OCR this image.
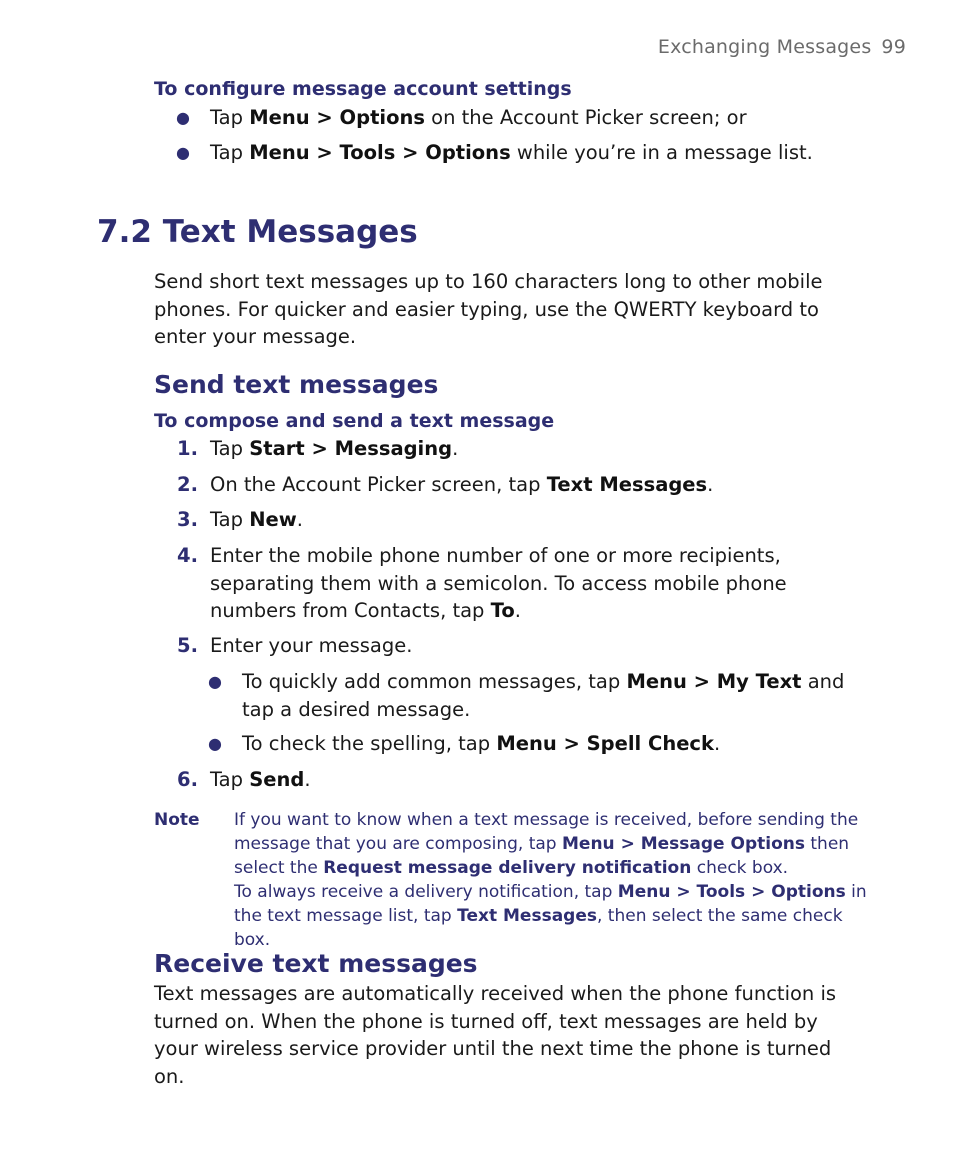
Exchanging Messages 99
To configure message account settings
● Tap Menu > Options on the Account Picker screen; or
● Tap Menu > Tools > Options while you’re in a message list.
7.2 Text Messages
Send short text messages up to 160 characters long to other mobile phones. For quicker and easier typing, use the QWERTY keyboard to enter your message.
Send text messages
To compose and send a text message
1. Tap Start > Messaging.
2. On the Account Picker screen, tap Text Messages.
3. Tap New.
4. Enter the mobile phone number of one or more recipients, separating them with a semicolon. To access mobile phone numbers from Contacts, tap To.
5. Enter your message.
● To quickly add common messages, tap Menu > My Text and tap a desired message.
● To check the spelling, tap Menu > Spell Check.
6. Tap Send.
Note If you want to know when a text message is received, before sending the message that you are composing, tap Menu > Message Options then select the Request message delivery notification check box.
To always receive a delivery notification, tap Menu > Tools > Options in the text message list, tap Text Messages, then select the same check box.
Receive text messages
Text messages are automatically received when the phone function is turned on. When the phone is turned off, text messages are held by your wireless service provider until the next time the phone is turned on.
